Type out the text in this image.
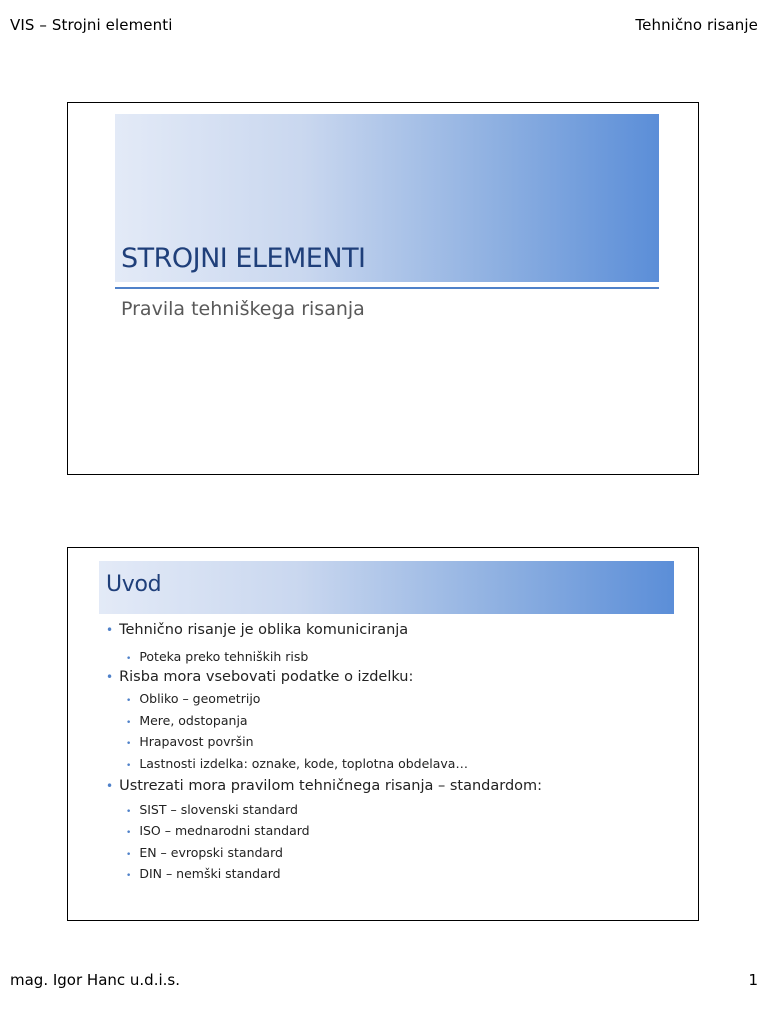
VIS – Strojni elementi	Tehnično risanje
STROJNI ELEMENTI
Pravila tehniškega risanja
Uvod
• Tehnično risanje je oblika komuniciranja
• Poteka preko tehniških risb
• Risba mora vsebovati podatke o izdelku:
• Obliko – geometrijo
• Mere, odstopanja
• Hrapavost površin
• Lastnosti izdelka: oznake, kode, toplotna obdelava…
• Ustrezati mora pravilom tehničnega risanja – standardom:
• SIST – slovenski standard
• ISO – mednarodni standard
• EN – evropski standard
• DIN – nemški standard
mag. Igor Hanc u.d.i.s.	1
